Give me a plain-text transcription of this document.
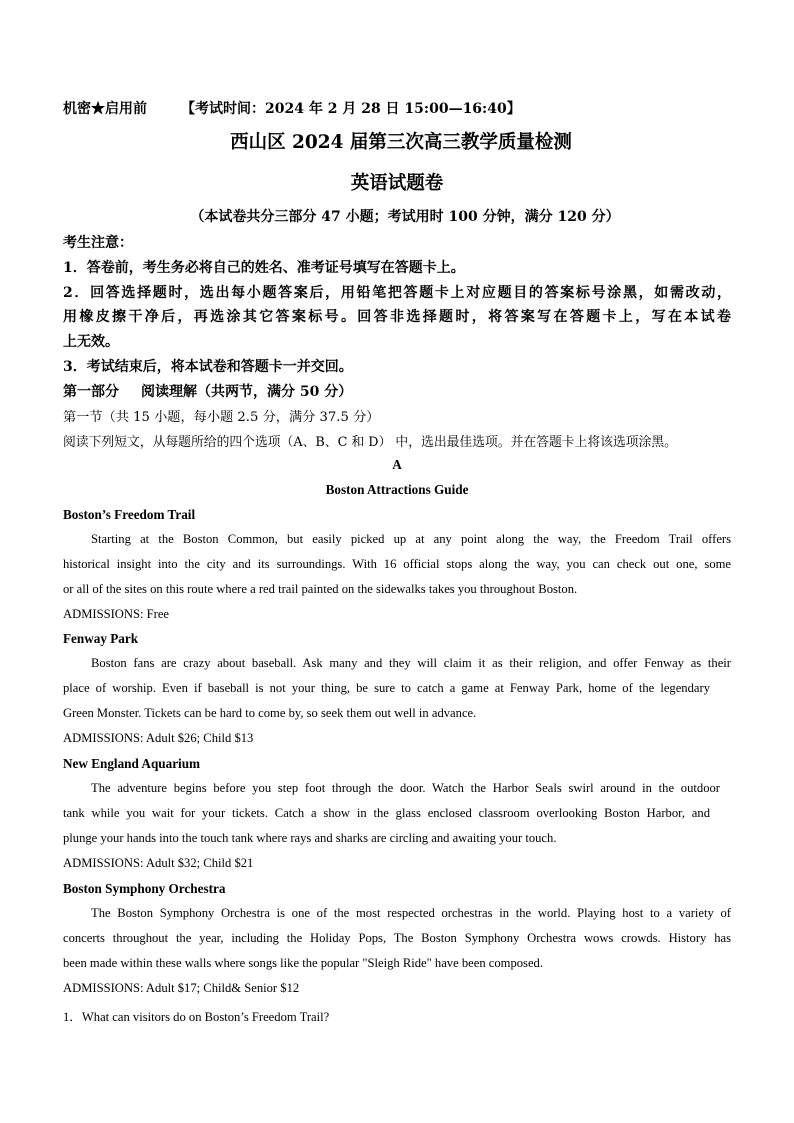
机密★启用前 【考试时间：2024 年 2 月 28 日 15:00—16:40】
西山区 2024 届第三次高三教学质量检测
英语试题卷
（本试卷共分三部分 47 小题；考试用时 100 分钟，满分 120 分）
考生注意：
1．答卷前，考生务必将自己的姓名、准考证号填写在答题卡上。
2．回答选择题时，选出每小题答案后，用铅笔把答题卡上对应题目的答案标号涂黑，如需改动，
用橡皮擦干净后，再选涂其它答案标号。回答非选择题时，将答案写在答题卡上，写在本试卷
上无效。
3．考试结束后，将本试卷和答题卡一并交回。
第一部分 阅读理解（共两节，满分 50 分）
第一节（共 15 小题，每小题 2.5 分，满分 37.5 分）
阅读下列短文，从每题所给的四个选项（A、B、C 和 D） 中，选出最佳选项。并在答题卡上将该选项涂黑。
A
Boston Attractions Guide
Boston’s Freedom Trail
Starting at the Boston Common, but easily picked up at any point along the way, the Freedom Trail offers
historical insight into the city and its surroundings. With 16 official stops along the way, you can check out one, some
or all of the sites on this route where a red trail painted on the sidewalks takes you throughout Boston.
ADMISSIONS: Free
Fenway Park
Boston fans are crazy about baseball. Ask many and they will claim it as their religion, and offer Fenway as their
place of worship. Even if baseball is not your thing, be sure to catch a game at Fenway Park, home of the legendary
Green Monster. Tickets can be hard to come by, so seek them out well in advance.
ADMISSIONS: Adult $26; Child $13
New England Aquarium
The adventure begins before you step foot through the door. Watch the Harbor Seals swirl around in the outdoor
tank while you wait for your tickets. Catch a show in the glass enclosed classroom overlooking Boston Harbor, and
plunge your hands into the touch tank where rays and sharks are circling and awaiting your touch.
ADMISSIONS: Adult $32; Child $21
Boston Symphony Orchestra
The Boston Symphony Orchestra is one of the most respected orchestras in the world. Playing host to a variety of
concerts throughout the year, including the Holiday Pops, The Boston Symphony Orchestra wows crowds. History has
been made within these walls where songs like the popular "Sleigh Ride" have been composed.
ADMISSIONS: Adult $17; Child& Senior $12
1．What can visitors do on Boston’s Freedom Trail?
